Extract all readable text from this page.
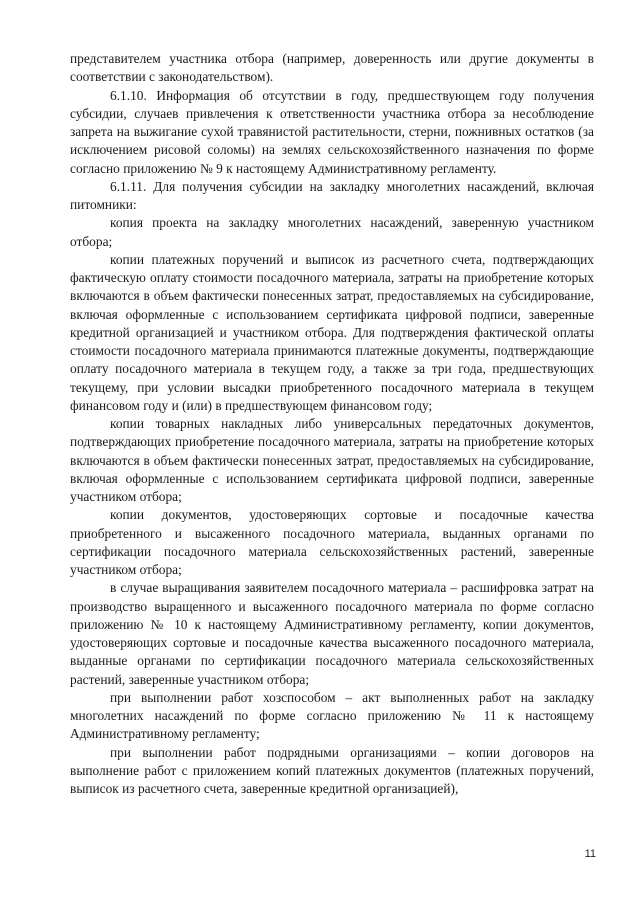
представителем участника отбора (например, доверенность или другие документы в соответствии с законодательством).

6.1.10. Информация об отсутствии в году, предшествующем году получения субсидии, случаев привлечения к ответственности участника отбора за несоблюдение запрета на выжигание сухой травянистой растительности, стерни, пожнивных остатков (за исключением рисовой соломы) на землях сельскохозяйственного назначения по форме согласно приложению № 9 к настоящему Административному регламенту.

6.1.11. Для получения субсидии на закладку многолетних насаждений, включая питомники:

копия проекта на закладку многолетних насаждений, заверенную участником отбора;

копии платежных поручений и выписок из расчетного счета, подтверждающих фактическую оплату стоимости посадочного материала, затраты на приобретение которых включаются в объем фактически понесенных затрат, предоставляемых на субсидирование, включая оформленные с использованием сертификата цифровой подписи, заверенные кредитной организацией и участником отбора. Для подтверждения фактической оплаты стоимости посадочного материала принимаются платежные документы, подтверждающие оплату посадочного материала в текущем году, а также за три года, предшествующих текущему, при условии высадки приобретенного посадочного материала в текущем финансовом году и (или) в предшествующем финансовом году;

копии товарных накладных либо универсальных передаточных документов, подтверждающих приобретение посадочного материала, затраты на приобретение которых включаются в объем фактически понесенных затрат, предоставляемых на субсидирование, включая оформленные с использованием сертификата цифровой подписи, заверенные участником отбора;

копии документов, удостоверяющих сортовые и посадочные качества приобретенного и высаженного посадочного материала, выданных органами по сертификации посадочного материала сельскохозяйственных растений, заверенные участником отбора;

в случае выращивания заявителем посадочного материала – расшифровка затрат на производство выращенного и высаженного посадочного материала по форме согласно приложению № 10 к настоящему Административному регламенту, копии документов, удостоверяющих сортовые и посадочные качества высаженного посадочного материала, выданные органами по сертификации посадочного материала сельскохозяйственных растений, заверенные участником отбора;

при выполнении работ хозспособом – акт выполненных работ на закладку многолетних насаждений по форме согласно приложению № 11 к настоящему Административному регламенту;

при выполнении работ подрядными организациями – копии договоров на выполнение работ с приложением копий платежных документов (платежных поручений, выписок из расчетного счета, заверенные кредитной организацией),

11
